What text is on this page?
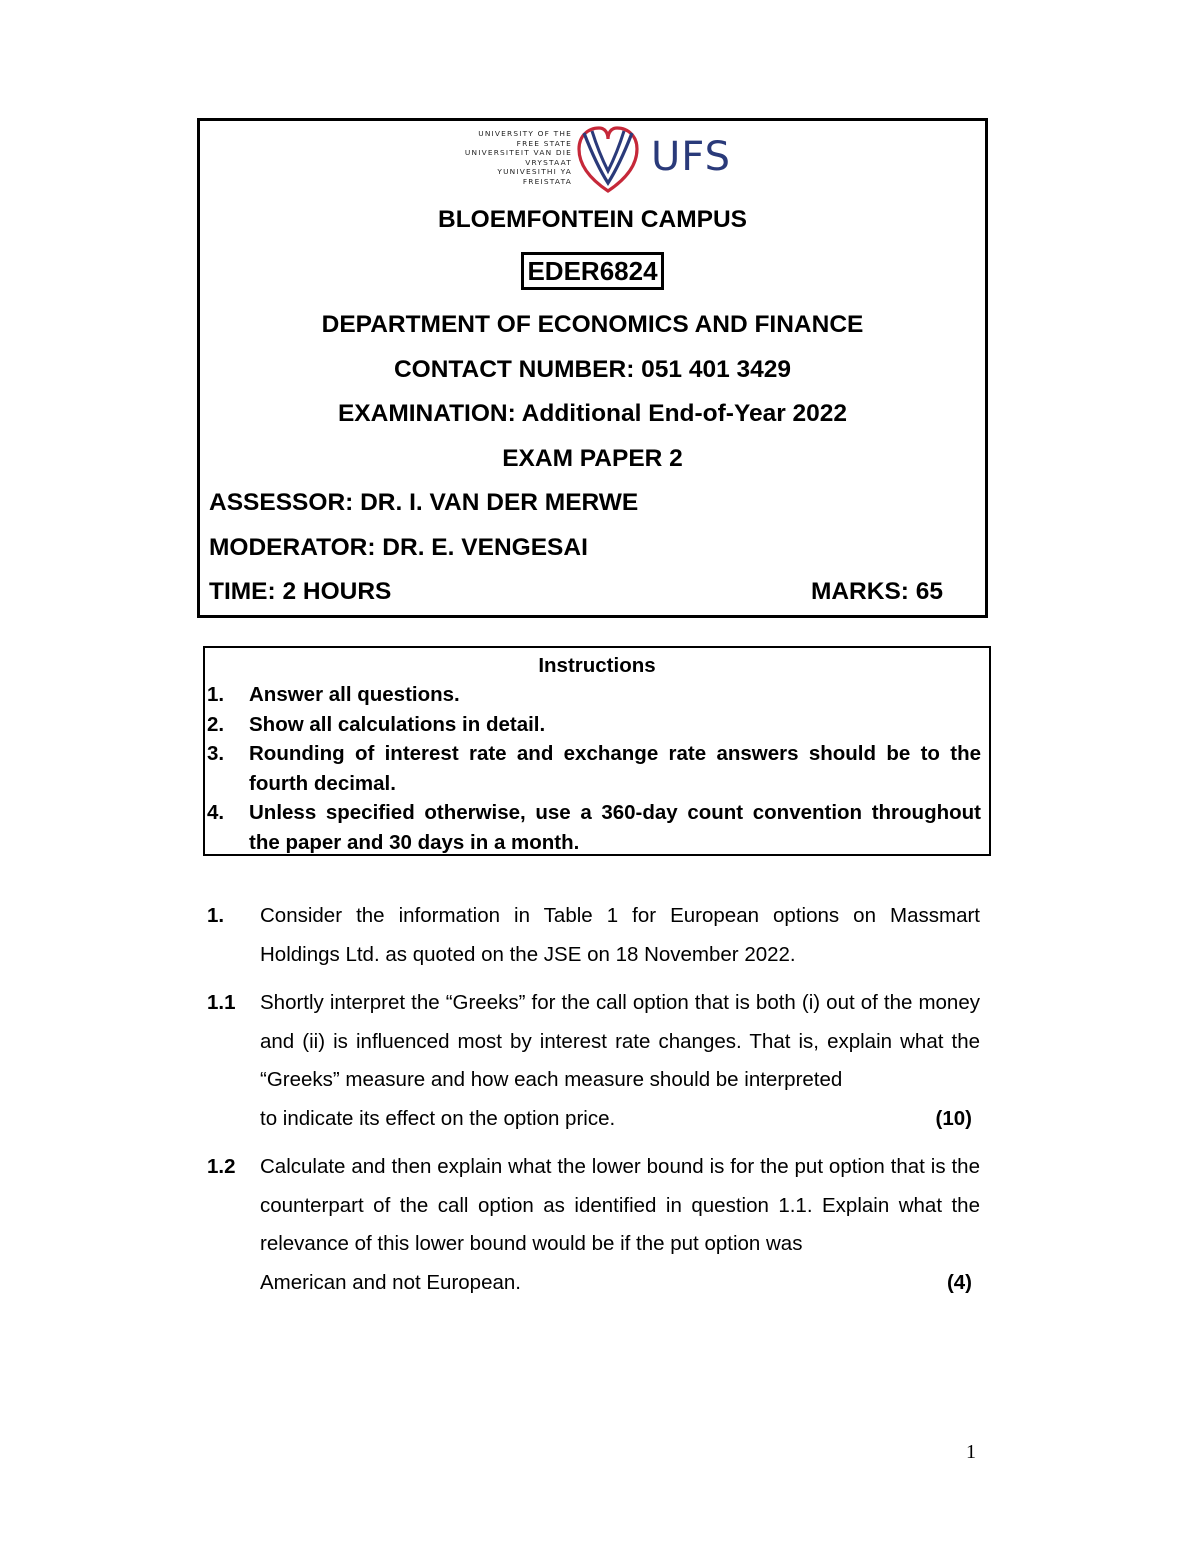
UNIVERSITY OF THE
FREE STATE
UNIVERSITEIT VAN DIE
VRYSTAAT
YUNIVESITHI YA
FREISTATA
UFS
BLOEMFONTEIN CAMPUS
EDER6824
DEPARTMENT OF ECONOMICS AND FINANCE
CONTACT NUMBER: 051 401 3429
EXAMINATION: Additional End-of-Year 2022
EXAM PAPER 2
ASSESSOR: DR. I. VAN DER MERWE
MODERATOR: DR. E. VENGESAI
TIME: 2 HOURS	MARKS: 65
Instructions
1. Answer all questions.
2. Show all calculations in detail.
3. Rounding of interest rate and exchange rate answers should be to the fourth decimal.
4. Unless specified otherwise, use a 360-day count convention throughout the paper and 30 days in a month.
1. Consider the information in Table 1 for European options on Massmart Holdings Ltd. as quoted on the JSE on 18 November 2022.
1.1 Shortly interpret the “Greeks” for the call option that is both (i) out of the money and (ii) is influenced most by interest rate changes. That is, explain what the “Greeks” measure and how each measure should be interpreted
to indicate its effect on the option price.	(10)
1.2 Calculate and then explain what the lower bound is for the put option that is the counterpart of the call option as identified in question 1.1. Explain what the relevance of this lower bound would be if the put option was
American and not European.	(4)
1
